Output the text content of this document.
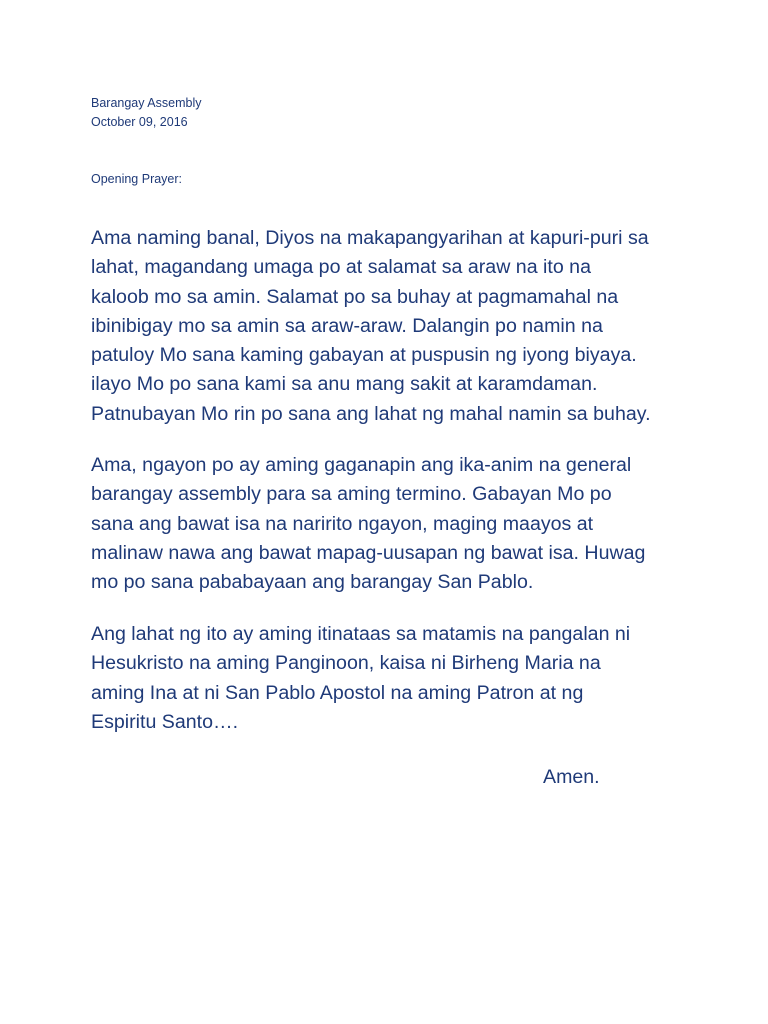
Barangay Assembly
October 09, 2016
Opening Prayer:
Ama naming banal, Diyos na makapangyarihan at kapuri-puri sa
lahat, magandang umaga po at salamat sa araw na ito na
kaloob mo sa amin. Salamat po sa buhay at pagmamahal na
ibinibigay mo sa amin sa araw-araw. Dalangin po namin na
patuloy Mo sana kaming gabayan at puspusin ng iyong biyaya.
ilayo Mo po sana kami sa anu mang sakit at karamdaman.
Patnubayan Mo rin po sana ang lahat ng mahal namin sa buhay.
Ama, ngayon po ay aming gaganapin ang ika-anim na general
barangay assembly para sa aming termino. Gabayan Mo po
sana ang bawat isa na naririto ngayon, maging maayos at
malinaw nawa ang bawat mapag-uusapan ng bawat isa. Huwag
mo po sana pababayaan ang barangay San Pablo.
Ang lahat ng ito ay aming itinataas sa matamis na pangalan ni
Hesukristo na aming Panginoon, kaisa ni Birheng Maria na
aming Ina at ni San Pablo Apostol na aming Patron at ng
Espiritu Santo….
Amen.
